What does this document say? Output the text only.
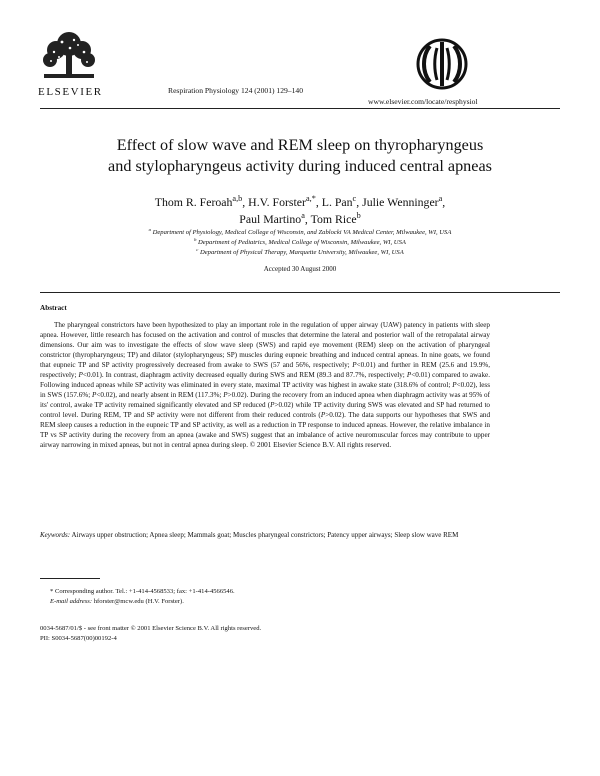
ELSEVIER	Respiration Physiology 124 (2001) 129–140
www.elsevier.com/locate/resphysiol
Effect of slow wave and REM sleep on thyropharyngeus
and stylopharyngeus activity during induced central apneas
Thom R. Feroah$^{a,b}$, H.V. Forster$^{a,*}$, L. Pan$^c$, Julie Wenninger$^a$,
Paul Martino$^a$, Tom Rice$^b$
$^a$ Department of Physiology, Medical College of Wisconsin, and Zablocki VA Medical Center, Milwaukee, WI, USA
$^b$ Department of Pediatrics, Medical College of Wisconsin, Milwaukee, WI, USA
$^c$ Department of Physical Therapy, Marquette University, Milwaukee, WI, USA
Accepted 30 August 2000
Abstract
The pharyngeal constrictors have been hypothesized to play an important role in the regulation of upper airway (UAW) patency in patients with sleep apnea. However, little research has focused on the activation and control of muscles that determine the lateral and posterior wall of the retropalatal airway dimensions. Our aim was to investigate the effects of slow wave sleep (SWS) and rapid eye movement (REM) sleep on the activation of pharyngeal constrictor (thyropharyngeus; TP) and dilator (stylopharyngeus; SP) muscles during eupneic breathing and induced central apneas. In nine goats, we found that eupneic TP and SP activity progressively decreased from awake to SWS (57 and 56%, respectively; P<0.01) and further in REM (25.6 and 19.9%, respectively; P<0.01). In contrast, diaphragm activity decreased equally during SWS and REM (89.3 and 87.7%, respectively; P<0.01) compared to awake. Following induced apneas while SP activity was eliminated in every state, maximal TP activity was highest in awake state (318.6% of control; P<0.02), less in SWS (157.6%; P<0.02), and nearly absent in REM (117.3%; P>0.02). During the recovery from an induced apnea when diaphragm activity was at 95% of its' control, awake TP activity remained significantly elevated and SP reduced (P>0.02) while TP activity during SWS was elevated and SP had returned to control level. During REM, TP and SP activity were not different from their reduced controls (P>0.02). The data supports our hypotheses that SWS and REM sleep causes a reduction in the eupneic TP and SP activity, as well as a reduction in TP response to induced apneas. However, the relative imbalance in TP vs SP activity during the recovery from an apnea (awake and SWS) suggest that an imbalance of active neuromuscular forces may contribute to upper airway narrowing in mixed apneas, but not in central apnea during sleep. © 2001 Elsevier Science B.V. All rights reserved.
Keywords: Airways upper obstruction; Apnea sleep; Mammals goat; Muscles pharyngeal constrictors; Patency upper airways; Sleep slow wave REM
* Corresponding author. Tel.: +1-414-4568533; fax: +1-414-4566546.
E-mail address: hforster@mcw.edu (H.V. Forster).
0034-5687/01/$ - see front matter © 2001 Elsevier Science B.V. All rights reserved.
PII: S0034-5687(00)00192-4
